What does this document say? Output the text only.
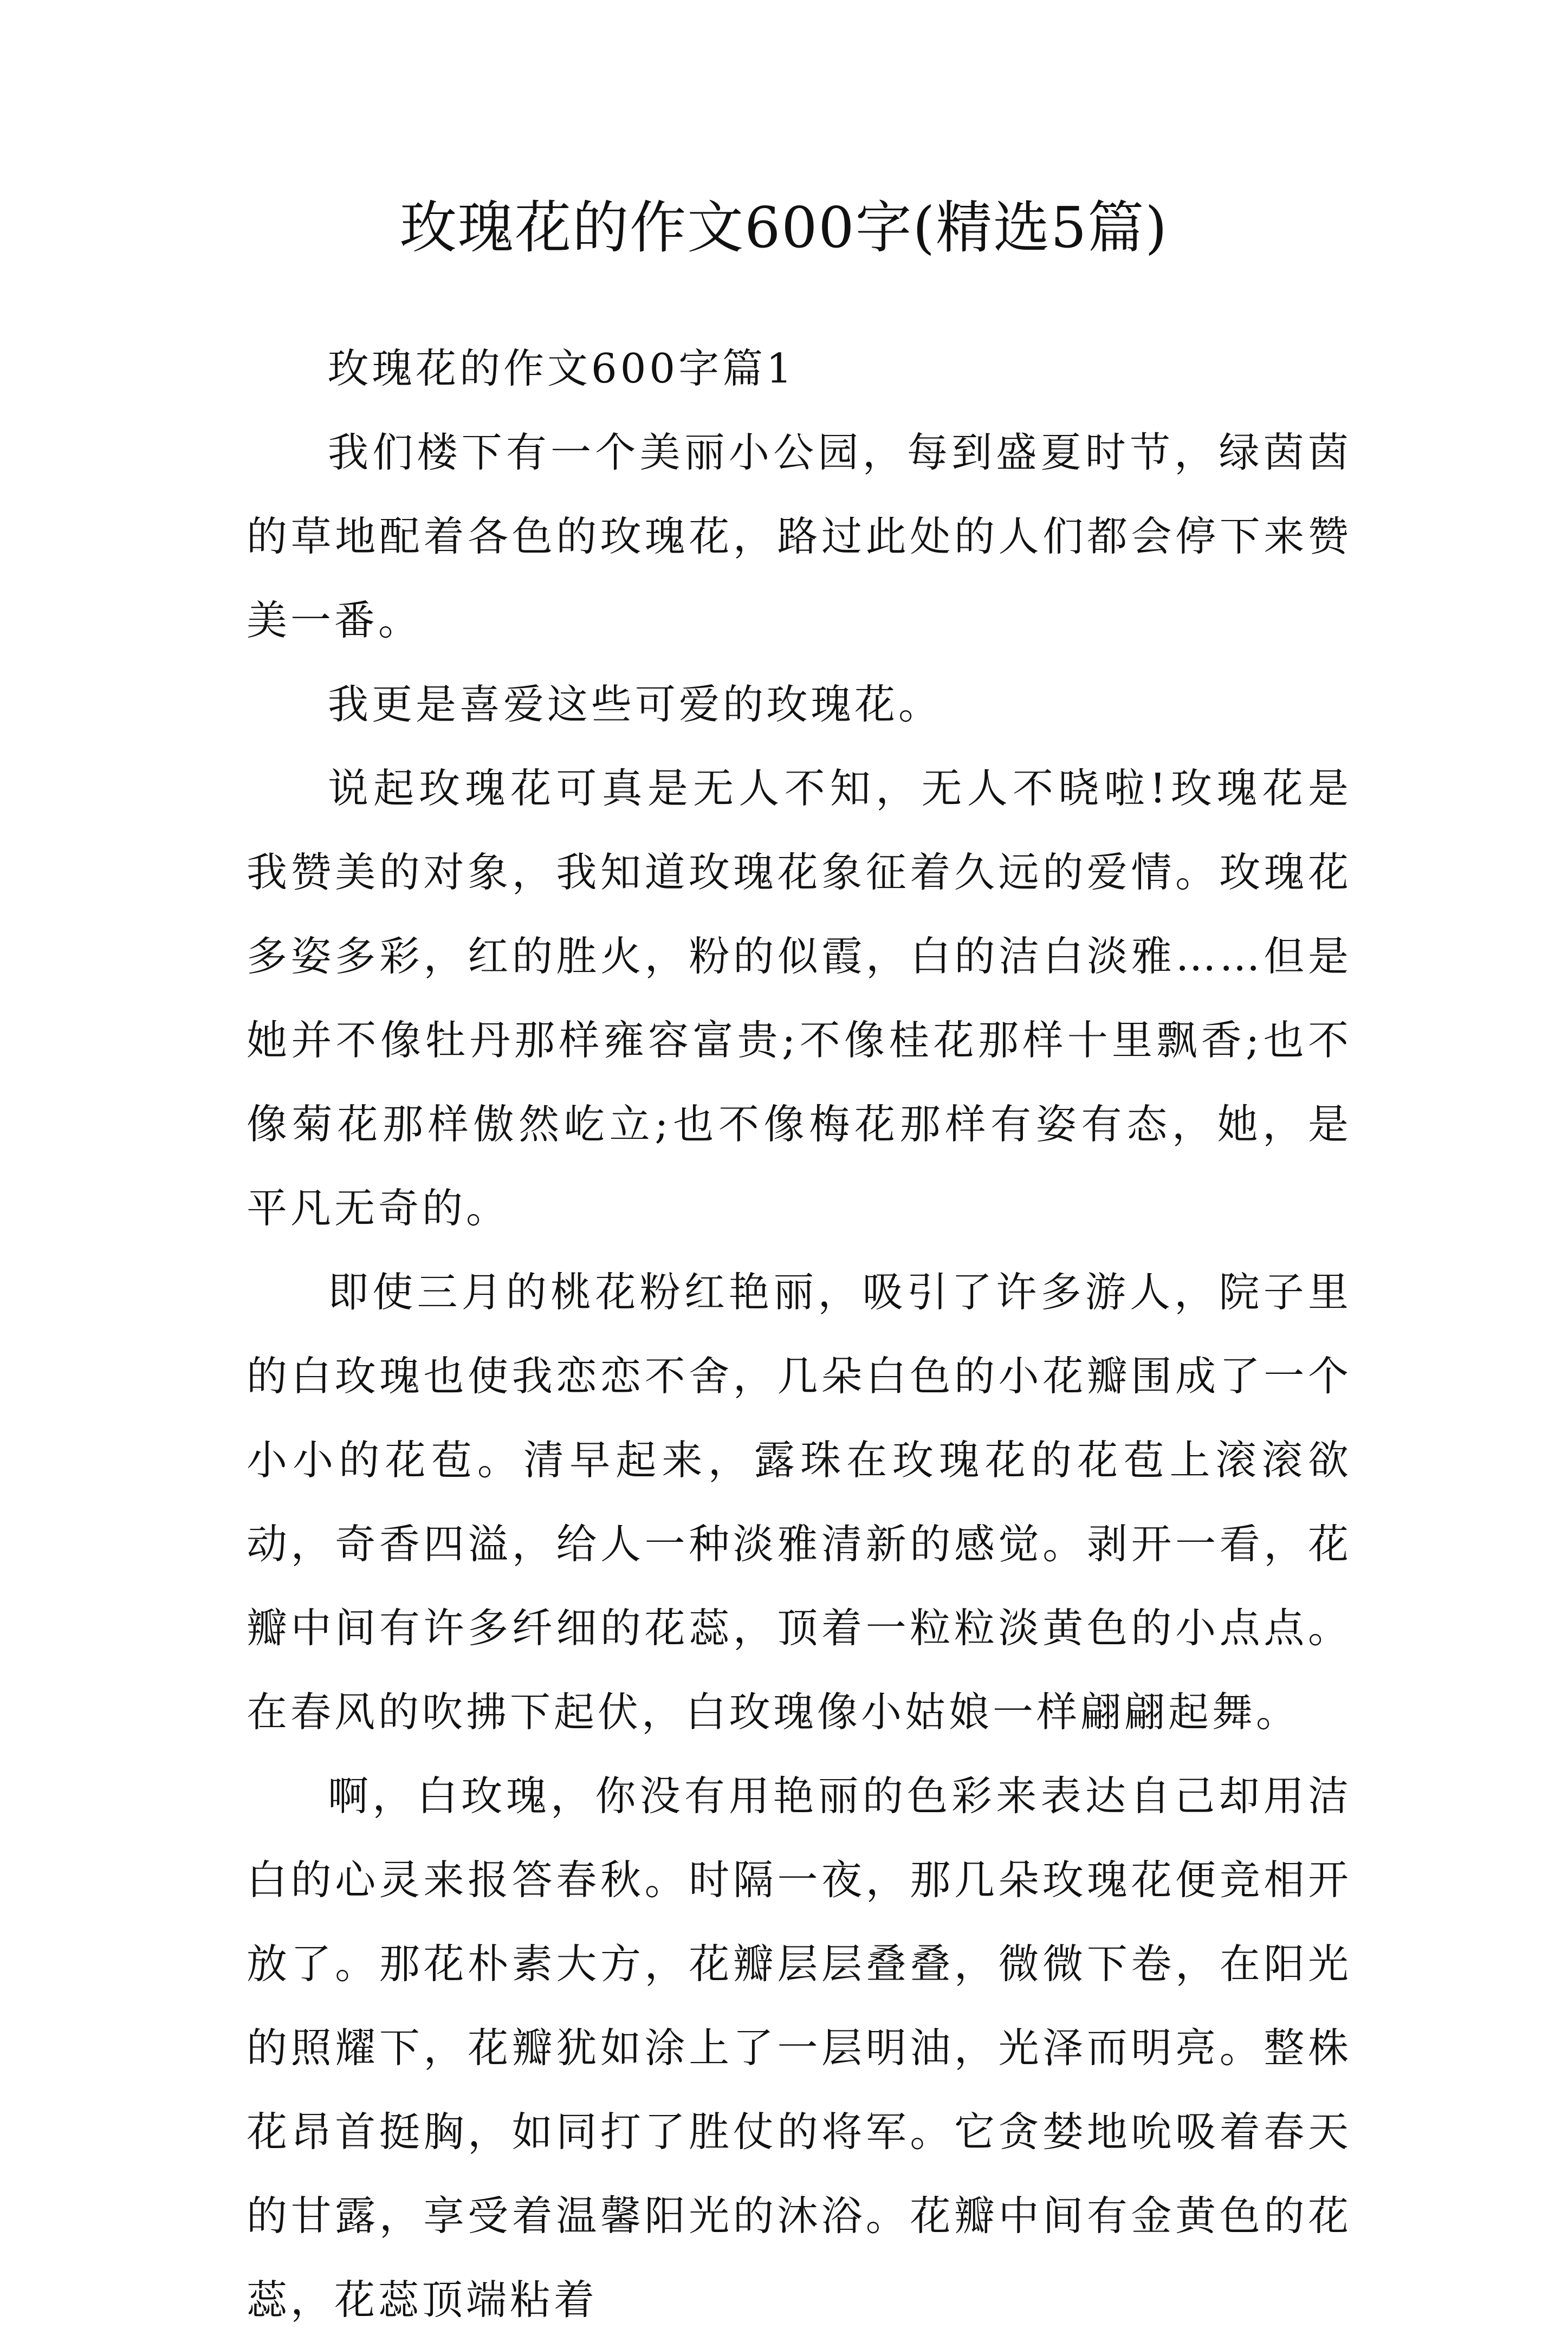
玫瑰花的作文600字(精选5篇)

玫瑰花的作文600字篇1

我们楼下有一个美丽小公园，每到盛夏时节，绿茵茵的草地配着各色的玫瑰花，路过此处的人们都会停下来赞美一番。

我更是喜爱这些可爱的玫瑰花。

说起玫瑰花可真是无人不知，无人不晓啦!玫瑰花是我赞美的对象，我知道玫瑰花象征着久远的爱情。玫瑰花多姿多彩，红的胜火，粉的似霞，白的洁白淡雅……但是她并不像牡丹那样雍容富贵;不像桂花那样十里飘香;也不像菊花那样傲然屹立;也不像梅花那样有姿有态，她，是平凡无奇的。

即使三月的桃花粉红艳丽，吸引了许多游人，院子里的白玫瑰也使我恋恋不舍，几朵白色的小花瓣围成了一个小小的花苞。清早起来，露珠在玫瑰花的花苞上滚滚欲动，奇香四溢，给人一种淡雅清新的感觉。剥开一看，花瓣中间有许多纤细的花蕊，顶着一粒粒淡黄色的小点点。在春风的吹拂下起伏，白玫瑰像小姑娘一样翩翩起舞。

啊，白玫瑰，你没有用艳丽的色彩来表达自己却用洁白的心灵来报答春秋。时隔一夜，那几朵玫瑰花便竞相开放了。那花朴素大方，花瓣层层叠叠，微微下卷，在阳光的照耀下，花瓣犹如涂上了一层明油，光泽而明亮。整株花昂首挺胸，如同打了胜仗的将军。它贪婪地吮吸着春天的甘露，享受着温馨阳光的沐浴。花瓣中间有金黄色的花蕊，花蕊顶端粘着
